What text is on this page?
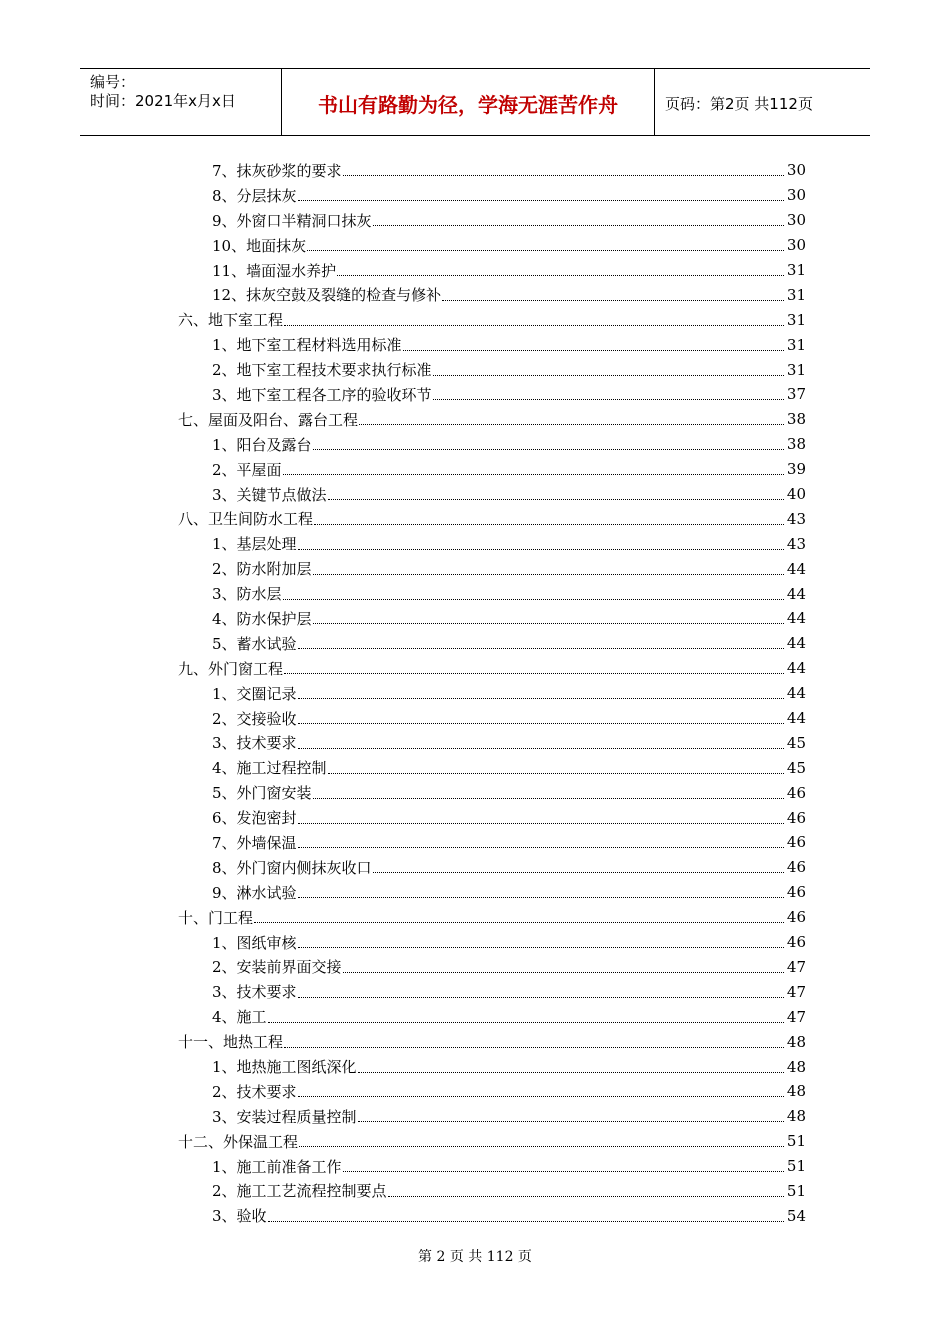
编号：
时间：2021年x月x日	书山有路勤为径，学海无涯苦作舟	页码：第2页 共112页
7、抹灰砂浆的要求	30
8、分层抹灰	30
9、外窗口半精洞口抹灰	30
10、地面抹灰	30
11、墙面湿水养护	31
12、抹灰空鼓及裂缝的检查与修补	31
六、地下室工程	31
1、地下室工程材料选用标准	31
2、地下室工程技术要求执行标准	31
3、地下室工程各工序的验收环节	37
七、屋面及阳台、露台工程	38
1、阳台及露台	38
2、平屋面	39
3、关键节点做法	40
八、卫生间防水工程	43
1、基层处理	43
2、防水附加层	44
3、防水层	44
4、防水保护层	44
5、蓄水试验	44
九、外门窗工程	44
1、交圈记录	44
2、交接验收	44
3、技术要求	45
4、施工过程控制	45
5、外门窗安装	46
6、发泡密封	46
7、外墙保温	46
8、外门窗内侧抹灰收口	46
9、淋水试验	46
十、门工程	46
1、图纸审核	46
2、安装前界面交接	47
3、技术要求	47
4、施工	47
十一、地热工程	48
1、地热施工图纸深化	48
2、技术要求	48
3、安装过程质量控制	48
十二、外保温工程	51
1、施工前准备工作	51
2、施工工艺流程控制要点	51
3、验收	54
第 2 页 共 112 页
